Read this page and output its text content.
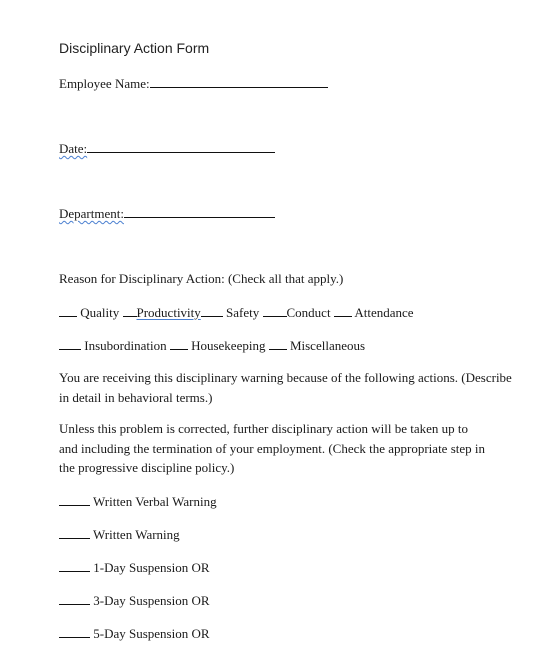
Disciplinary Action Form
Employee Name:
Date:
Department:
Reason for Disciplinary Action: (Check all that apply.)
Quality Productivity Safety Conduct Attendance
Insubordination Housekeeping Miscellaneous
You are receiving this disciplinary warning because of the following actions. (Describe in detail in behavioral terms.)
Unless this problem is corrected, further disciplinary action will be taken up to and including the termination of your employment. (Check the appropriate step in the progressive discipline policy.)
Written Verbal Warning
Written Warning
1-Day Suspension OR
3-Day Suspension OR
5-Day Suspension OR
